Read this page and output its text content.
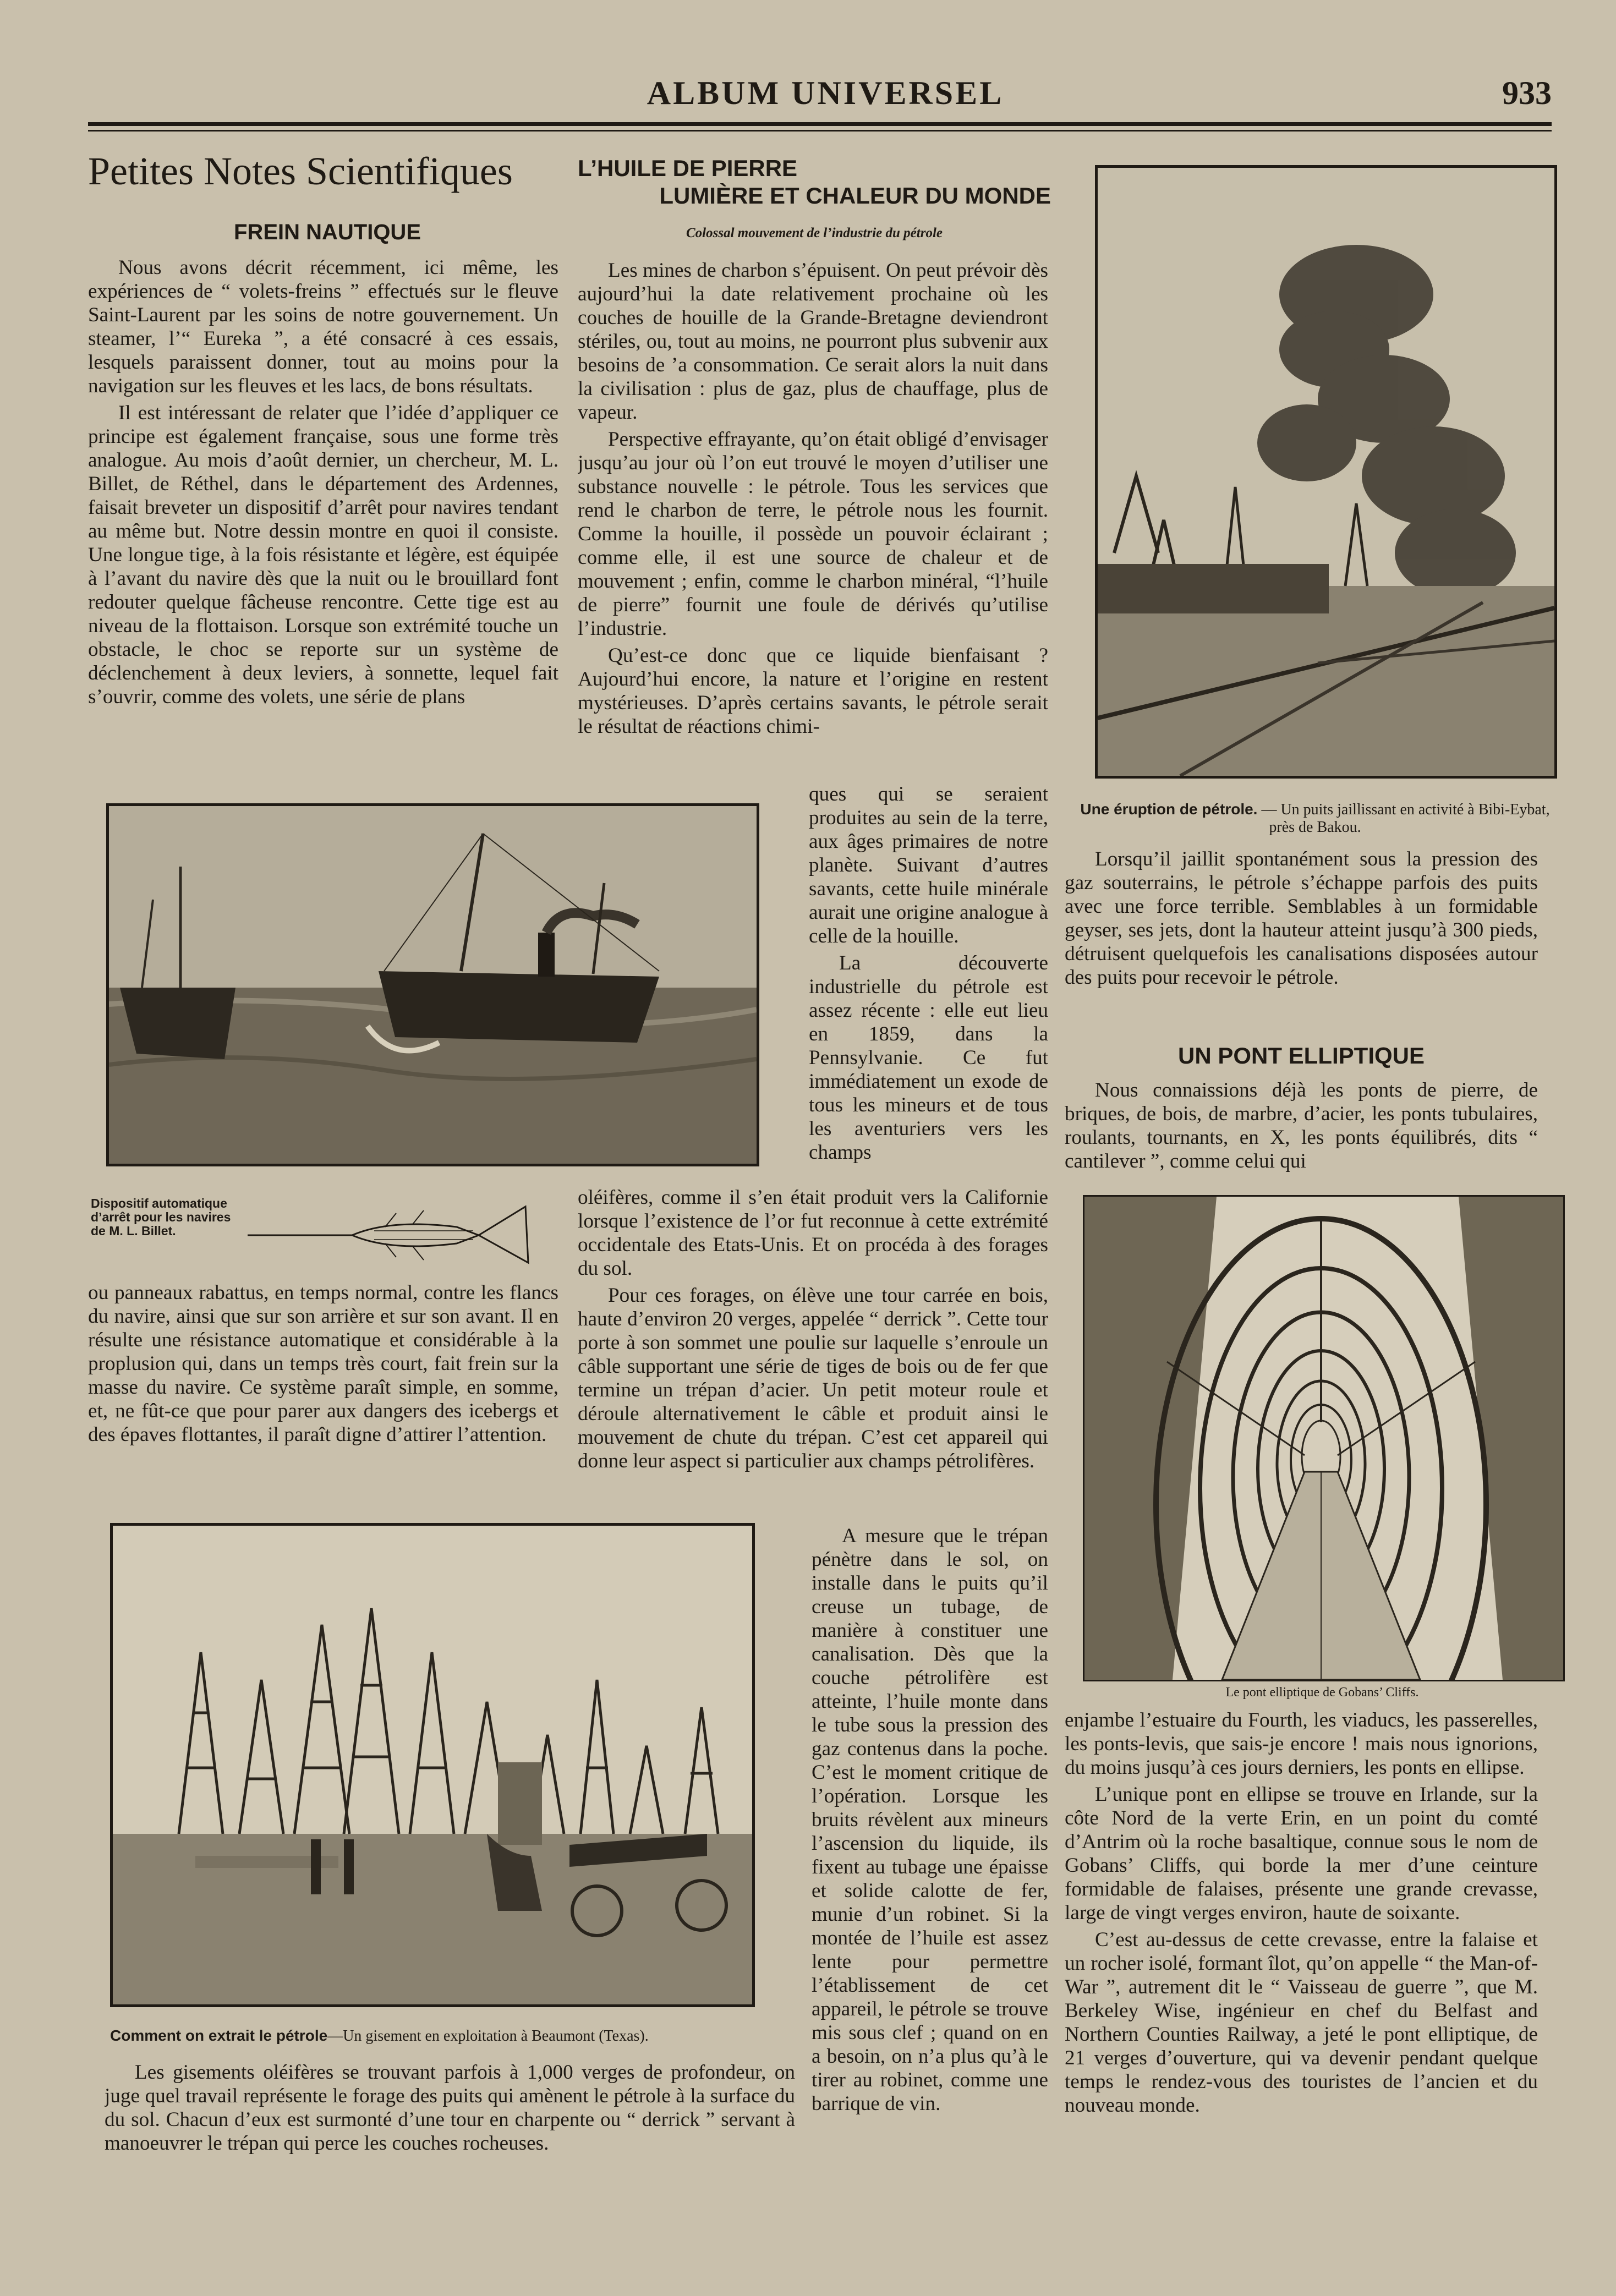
ALBUM UNIVERSEL	933
Petites Notes Scientifiques
FREIN NAUTIQUE

Nous avons décrit récemment, ici même, les expériences de “ volets-freins ” effectués sur le fleuve Saint-Laurent par les soins de notre gouvernement. Un steamer, l’“ Eureka ”, a été consacré à ces essais, lesquels paraissent donner, tout au moins pour la navigation sur les fleuves et les lacs, de bons résultats.

Il est intéressant de relater que l’idée d’appliquer ce principe est également française, sous une forme très analogue. Au mois d’août dernier, un chercheur, M. L. Billet, de Réthel, dans le département des Ardennes, faisait breveter un dispositif d’arrêt pour navires tendant au même but. Notre dessin montre en quoi il consiste. Une longue tige, à la fois résistante et légère, est équipée à l’avant du navire dès que la nuit ou le brouillard font redouter quelque fâcheuse rencontre. Cette tige est au niveau de la flottaison. Lorsque son extrémité touche un obstacle, le choc se reporte sur un système de déclenchement à deux leviers, à sonnette, lequel fait s’ouvrir, comme des volets, une série de plans

Dispositif automatique d’arrêt pour les navires de M. L. Billet.

ou panneaux rabattus, en temps normal, contre les flancs du navire, ainsi que sur son arrière et sur son avant. Il en résulte une résistance automatique et considérable à la proplusion qui, dans un temps très court, fait frein sur la masse du navire. Ce système paraît simple, en somme, et, ne fût-ce que pour parer aux dangers des icebergs et des épaves flottantes, il paraît digne d’attirer l’attention.

Comment on extrait le pétrole—Un gisement en exploitation à Beaumont (Texas).

Les gisements oléifères se trouvant parfois à 1,000 verges de profondeur, on juge quel travail représente le forage des puits qui amènent le pétrole à la surface du du sol. Chacun d’eux est surmonté d’une tour en charpente ou “ derrick ” servant à manoeuvrer le trépan qui perce les couches rocheuses.

L’HUILE DE PIERRE
LUMIÈRE ET CHALEUR DU MONDE
Colossal mouvement de l’industrie du pétrole

Les mines de charbon s’épuisent. On peut prévoir dès aujourd’hui la date relativement prochaine où les couches de houille de la Grande-Bretagne deviendront stériles, ou, tout au moins, ne pourront plus subvenir aux besoins de ’a consommation. Ce serait alors la nuit dans la civilisation : plus de gaz, plus de chauffage, plus de vapeur.

Perspective effrayante, qu’on était obligé d’envisager jusqu’au jour où l’on eut trouvé le moyen d’utiliser une substance nouvelle : le pétrole. Tous les services que rend le charbon de terre, le pétrole nous les fournit. Comme la houille, il possède un pouvoir éclairant ; comme elle, il est une source de chaleur et de mouvement ; enfin, comme le charbon minéral, “l’huile de pierre” fournit une foule de dérivés qu’utilise l’industrie.

Qu’est-ce donc que ce liquide bienfaisant ? Aujourd’hui encore, la nature et l’origine en restent mystérieuses. D’après certains savants, le pétrole serait le résultat de réactions chimi-

ques qui se seraient produites au sein de la terre, aux âges primaires de notre planète. Suivant d’autres savants, cette huile minérale aurait une origine analogue à celle de la houille.

La découverte industrielle du pétrole est assez récente : elle eut lieu en 1859, dans la Pennsylvanie. Ce fut immédiatement un exode de tous les mineurs et de tous les aventuriers vers les champs

oléifères, comme il s’en était produit vers la Californie lorsque l’existence de l’or fut reconnue à cette extrémité occidentale des Etats-Unis. Et on procéda à des forages du sol.

Pour ces forages, on élève une tour carrée en bois, haute d’environ 20 verges, appelée “ derrick ”. Cette tour porte à son sommet une poulie sur laquelle s’enroule un câble supportant une série de tiges de bois ou de fer que termine un trépan d’acier. Un petit moteur roule et déroule alternativement le câble et produit ainsi le mouvement de chute du trépan. C’est cet appareil qui donne leur aspect si particulier aux champs pétrolifères.

A mesure que le trépan pénètre dans le sol, on installe dans le puits qu’il creuse un tubage, de manière à constituer une canalisation. Dès que la couche pétrolifère est atteinte, l’huile monte dans le tube sous la pression des gaz contenus dans la poche. C’est le moment critique de l’opération. Lorsque les bruits révèlent aux mineurs l’ascension du liquide, ils fixent au tubage une épaisse et solide calotte de fer, munie d’un robinet. Si la montée de l’huile est assez lente pour permettre l’établissement de cet appareil, le pétrole se trouve mis sous clef ; quand on en a besoin, on n’a plus qu’à le tirer au robinet, comme une barrique de vin.

Une éruption de pétrole. — Un puits jaillissant en activité à Bibi-Eybat, près de Bakou.

Lorsqu’il jaillit spontanément sous la pression des gaz souterrains, le pétrole s’échappe parfois des puits avec une force terrible. Semblables à un formidable geyser, ses jets, dont la hauteur atteint jusqu’à 300 pieds, détruisent quelquefois les canalisations disposées autour des puits pour recevoir le pétrole.

UN PONT ELLIPTIQUE

Nous connaissions déjà les ponts de pierre, de briques, de bois, de marbre, d’acier, les ponts tubulaires, roulants, tournants, en X, les ponts équilibrés, dits “ cantilever ”, comme celui qui

Le pont elliptique de Gobans’ Cliffs.

enjambe l’estuaire du Fourth, les viaducs, les passerelles, les ponts-levis, que sais-je encore ! mais nous ignorions, du moins jusqu’à ces jours derniers, les ponts en ellipse.

L’unique pont en ellipse se trouve en Irlande, sur la côte Nord de la verte Erin, en un point du comté d’Antrim où la roche basaltique, connue sous le nom de Gobans’ Cliffs, qui borde la mer d’une ceinture formidable de falaises, présente une grande crevasse, large de vingt verges environ, haute de soixante.

C’est au-dessus de cette crevasse, entre la falaise et un rocher isolé, formant îlot, qu’on appelle “ the Man-of-War ”, autrement dit le “ Vaisseau de guerre ”, que M. Berkeley Wise, ingénieur en chef du Belfast and Northern Counties Railway, a jeté le pont elliptique, de 21 verges d’ouverture, qui va devenir pendant quelque temps le rendez-vous des touristes de l’ancien et du nouveau monde.
